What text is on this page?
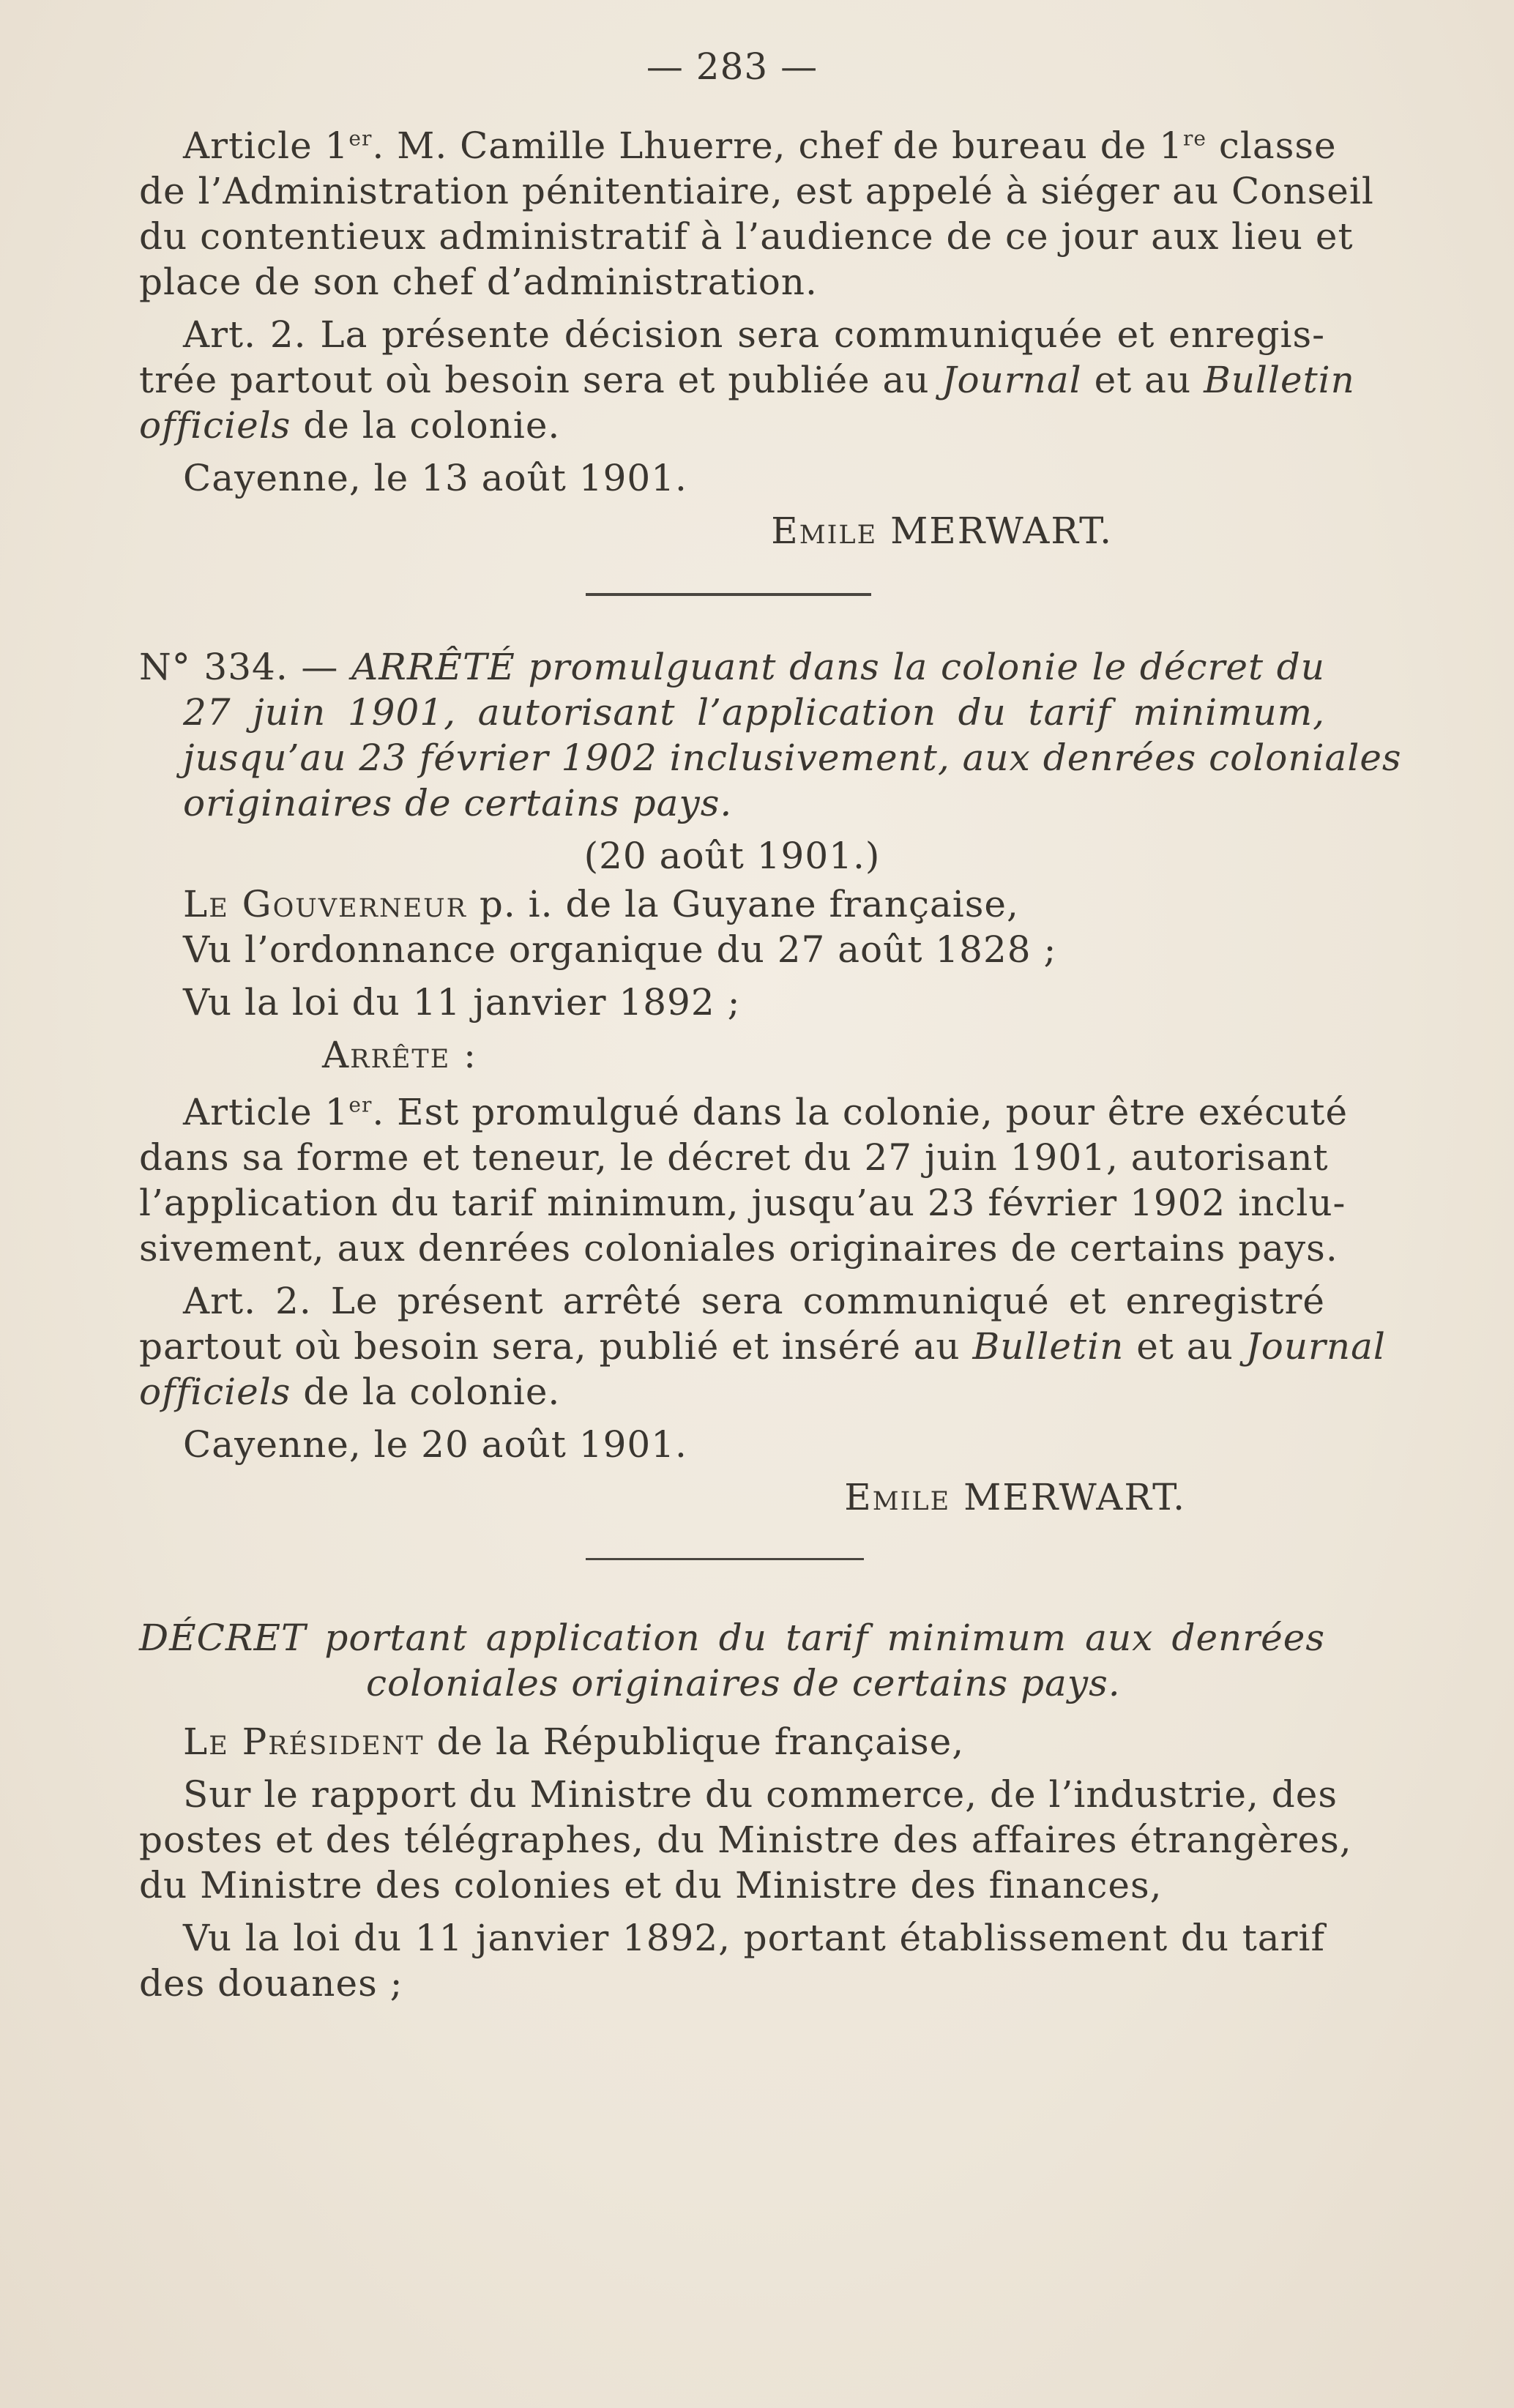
— 283 —
Article 1er. M. Camille Lhuerre, chef de bureau de 1re classe
de l’Administration pénitentiaire, est appelé à siéger au Conseil
du contentieux administratif à l’audience de ce jour aux lieu et
place de son chef d’administration.
Art. 2. La présente décision sera communiquée et enregis-
trée partout où besoin sera et publiée au Journal et au Bulletin
officiels de la colonie.
Cayenne, le 13 août 1901.
Emile MERWART.
N° 334. — ARRÊTÉ promulguant dans la colonie le décret du
27 juin 1901, autorisant l’application du tarif minimum,
jusqu’au 23 février 1902 inclusivement, aux denrées coloniales
originaires de certains pays.
(20 août 1901.)
Le Gouverneur p. i. de la Guyane française,
Vu l’ordonnance organique du 27 août 1828 ;
Vu la loi du 11 janvier 1892 ;
Arrête :
Article 1er. Est promulgué dans la colonie, pour être exécuté
dans sa forme et teneur, le décret du 27 juin 1901, autorisant
l’application du tarif minimum, jusqu’au 23 février 1902 inclu-
sivement, aux denrées coloniales originaires de certains pays.
Art. 2. Le présent arrêté sera communiqué et enregistré
partout où besoin sera, publié et inséré au Bulletin et au Journal
officiels de la colonie.
Cayenne, le 20 août 1901.
Emile MERWART.
DÉCRET portant application du tarif minimum aux denrées
coloniales originaires de certains pays.
Le Président de la République française,
Sur le rapport du Ministre du commerce, de l’industrie, des
postes et des télégraphes, du Ministre des affaires étrangères,
du Ministre des colonies et du Ministre des finances,
Vu la loi du 11 janvier 1892, portant établissement du tarif
des douanes ;
